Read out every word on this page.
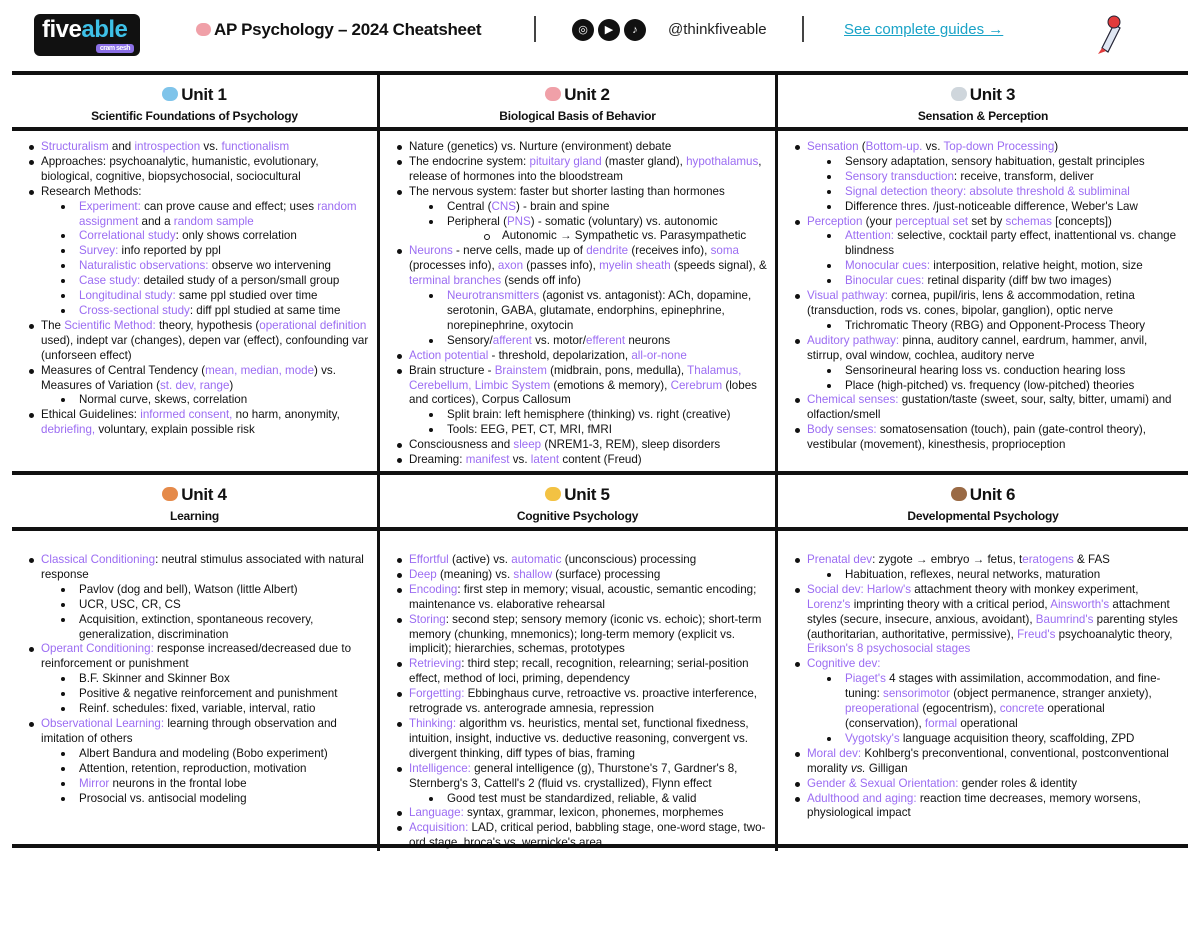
fiveable
cram sesh
AP Psychology – 2024 Cheatsheet	◎	▶	♪	@thinkfiveable	See complete guides →
Unit 1
Scientific Foundations of Psychology
Unit 2
Biological Basis of Behavior
Unit 3
Sensation & Perception
Structuralism and introspection vs. functionalism
Approaches: psychoanalytic, humanistic, evolutionary, biological, cognitive, biopsychosocial, sociocultural
Research Methods:
Experiment: can prove cause and effect; uses random assignment and a random sample
Correlational study: only shows correlation
Survey: info reported by ppl
Naturalistic observations: observe wo intervening
Case study: detailed study of a person/small group
Longitudinal study: same ppl studied over time
Cross-sectional study: diff ppl studied at same time
The Scientific Method: theory, hypothesis (operational definition used), indept var (changes), depen var (effect), confounding var (unforseen effect)
Measures of Central Tendency (mean, median, mode) vs. Measures of Variation (st. dev, range)
Normal curve, skews, correlation
Ethical Guidelines: informed consent, no harm, anonymity, debriefing, voluntary, explain possible risk
Nature (genetics) vs. Nurture (environment) debate
The endocrine system: pituitary gland (master gland), hypothalamus, release of hormones into the bloodstream
The nervous system: faster but shorter lasting than hormones
Central (CNS) - brain and spine
Peripheral (PNS) - somatic (voluntary) vs. autonomic
Autonomic → Sympathetic vs. Parasympathetic
Neurons - nerve cells, made up of dendrite (receives info), soma (processes info), axon (passes info), myelin sheath (speeds signal), & terminal branches (sends off info)
Neurotransmitters (agonist vs. antagonist): ACh, dopamine, serotonin, GABA, glutamate, endorphins, epinephrine, norepinephrine, oxytocin
Sensory/afferent vs. motor/efferent neurons
Action potential - threshold, depolarization, all-or-none
Brain structure - Brainstem (midbrain, pons, medulla), Thalamus, Cerebellum, Limbic System (emotions & memory), Cerebrum (lobes and cortices), Corpus Callosum
Split brain: left hemisphere (thinking) vs. right (creative)
Tools: EEG, PET, CT, MRI, fMRI
Consciousness and sleep (NREM1-3, REM), sleep disorders
Dreaming: manifest vs. latent content (Freud)
Sensation (Bottom-up. vs. Top-down Processing)
Sensory adaptation, sensory habituation, gestalt principles
Sensory transduction: receive, transform, deliver
Signal detection theory: absolute threshold & subliminal
Difference thres. /just-noticeable difference, Weber's Law
Perception (your perceptual set set by schemas [concepts])
Attention: selective, cocktail party effect, inattentional vs. change blindness
Monocular cues: interposition, relative height, motion, size
Binocular cues: retinal disparity (diff bw two images)
Visual pathway: cornea, pupil/iris, lens & accommodation, retina (transduction, rods vs. cones, bipolar, ganglion), optic nerve
Trichromatic Theory (RBG) and Opponent-Process Theory
Auditory pathway: pinna, auditory cannel, eardrum, hammer, anvil, stirrup, oval window, cochlea, auditory nerve
Sensorineural hearing loss vs. conduction hearing loss
Place (high-pitched) vs. frequency (low-pitched) theories
Chemical senses: gustation/taste (sweet, sour, salty, bitter, umami) and olfaction/smell
Body senses: somatosensation (touch), pain (gate-control theory), vestibular (movement), kinesthesis, proprioception
Unit 4
Learning
Unit 5
Cognitive Psychology
Unit 6
Developmental Psychology
Classical Conditioning: neutral stimulus associated with natural response
Pavlov (dog and bell), Watson (little Albert)
UCR, USC, CR, CS
Acquisition, extinction, spontaneous recovery, generalization, discrimination
Operant Conditioning: response increased/decreased due to reinforcement or punishment
B.F. Skinner and Skinner Box
Positive & negative reinforcement and punishment
Reinf. schedules: fixed, variable, interval, ratio
Observational Learning: learning through observation and imitation of others
Albert Bandura and modeling (Bobo experiment)
Attention, retention, reproduction, motivation
Mirror neurons in the frontal lobe
Prosocial vs. antisocial modeling
Effortful (active) vs. automatic (unconscious) processing
Deep (meaning) vs. shallow (surface) processing
Encoding: first step in memory; visual, acoustic, semantic encoding; maintenance vs. elaborative rehearsal
Storing: second step; sensory memory (iconic vs. echoic); short-term memory (chunking, mnemonics); long-term memory (explicit vs. implicit); hierarchies, schemas, prototypes
Retrieving: third step; recall, recognition, relearning; serial-position effect, method of loci, priming, dependency
Forgetting: Ebbinghaus curve, retroactive vs. proactive interference, retrograde vs. anterograde amnesia, repression
Thinking: algorithm vs. heuristics, mental set, functional fixedness, intuition, insight, inductive vs. deductive reasoning, convergent vs. divergent thinking, diff types of bias, framing
Intelligence: general intelligence (g), Thurstone's 7, Gardner's 8, Sternberg's 3, Cattell's 2 (fluid vs. crystallized), Flynn effect
Good test must be standardized, reliable, & valid
Language: syntax, grammar, lexicon, phonemes, morphemes
Acquisition: LAD, critical period, babbling stage, one-word stage, two-ord stage, broca's vs. wernicke's area
Prenatal dev: zygote → embryo → fetus, teratogens & FAS
Habituation, reflexes, neural networks, maturation
Social dev: Harlow's attachment theory with monkey experiment, Lorenz's imprinting theory with a critical period, Ainsworth's attachment styles (secure, insecure, anxious, avoidant), Baumrind's parenting styles (authoritarian, authoritative, permissive), Freud's psychoanalytic theory, Erikson's 8 psychosocial stages
Cognitive dev:
Piaget's 4 stages with assimilation, accommodation, and fine-tuning: sensorimotor (object permanence, stranger anxiety), preoperational (egocentrism), concrete operational (conservation), formal operational
Vygotsky's language acquisition theory, scaffolding, ZPD
Moral dev: Kohlberg's preconventional, conventional, postconventional morality vs. Gilligan
Gender & Sexual Orientation: gender roles & identity
Adulthood and aging: reaction time decreases, memory worsens, physiological impact
